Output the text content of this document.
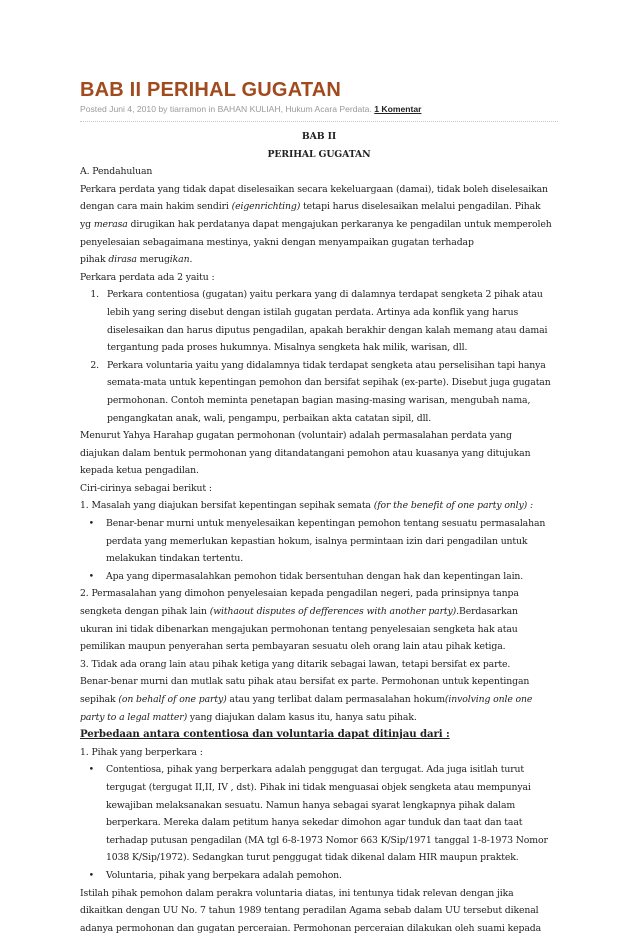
BAB II PERIHAL GUGATAN
Posted Juni 4, 2010 by tiarramon in BAHAN KULIAH, Hukum Acara Perdata. 1 Komentar
BAB II
PERIHAL GUGATAN
A. Pendahuluan
Perkara perdata yang tidak dapat diselesaikan secara kekeluargaan (damai), tidak boleh diselesaikan
dengan cara main hakim sendiri (eigenrichting) tetapi harus diselesaikan melalui pengadilan. Pihak
yg merasa dirugikan hak perdatanya dapat mengajukan perkaranya ke pengadilan untuk memperoleh
penyelesaian sebagaimana mestinya, yakni dengan menyampaikan gugatan terhadap
pihak dirasa merugikan.
Perkara perdata ada 2 yaitu :
1. Perkara contentiosa (gugatan) yaitu perkara yang di dalamnya terdapat sengketa 2 pihak atau
lebih yang sering disebut dengan istilah gugatan perdata. Artinya ada konflik yang harus
diselesaikan dan harus diputus pengadilan, apakah berakhir dengan kalah memang atau damai
tergantung pada proses hukumnya. Misalnya sengketa hak milik, warisan, dll.
2. Perkara voluntaria yaitu yang didalamnya tidak terdapat sengketa atau perselisihan tapi hanya
semata-mata untuk kepentingan pemohon dan bersifat sepihak (ex-parte). Disebut juga gugatan
permohonan. Contoh meminta penetapan bagian masing-masing warisan, mengubah nama,
pengangkatan anak, wali, pengampu, perbaikan akta catatan sipil, dll.
Menurut Yahya Harahap gugatan permohonan (voluntair) adalah permasalahan perdata yang
diajukan dalam bentuk permohonan yang ditandatangani pemohon atau kuasanya yang ditujukan
kepada ketua pengadilan.
Ciri-cirinya sebagai berikut :
1. Masalah yang diajukan bersifat kepentingan sepihak semata (for the benefit of one party only) :
•	Benar-benar murni untuk menyelesaikan kepentingan pemohon tentang sesuatu permasalahan
perdata yang memerlukan kepastian hokum, isalnya permintaan izin dari pengadilan untuk
melakukan tindakan tertentu.
•	Apa yang dipermasalahkan pemohon tidak bersentuhan dengan hak dan kepentingan lain.
2. Permasalahan yang dimohon penyelesaian kepada pengadilan negeri, pada prinsipnya tanpa
sengketa dengan pihak lain (withaout disputes of defferences with another party).Berdasarkan
ukuran ini tidak dibenarkan mengajukan permohonan tentang penyelesaian sengketa hak atau
pemilikan maupun penyerahan serta pembayaran sesuatu oleh orang lain atau pihak ketiga.
3. Tidak ada orang lain atau pihak ketiga yang ditarik sebagai lawan, tetapi bersifat ex parte.
Benar-benar murni dan mutlak satu pihak atau bersifat ex parte. Permohonan untuk kepentingan
sepihak (on behalf of one party) atau yang terlibat dalam permasalahan hokum(involving onle one
party to a legal matter) yang diajukan dalam kasus itu, hanya satu pihak.
Perbedaan antara contentiosa dan voluntaria dapat ditinjau dari :
1. Pihak yang berperkara :
•	Contentiosa, pihak yang berperkara adalah penggugat dan tergugat. Ada juga isitlah turut
tergugat (tergugat II,II, IV , dst). Pihak ini tidak menguasai objek sengketa atau mempunyai
kewajiban melaksanakan sesuatu. Namun hanya sebagai syarat lengkapnya pihak dalam
berperkara. Mereka dalam petitum hanya sekedar dimohon agar tunduk dan taat dan taat
terhadap putusan pengadilan (MA tgl 6-8-1973 Nomor 663 K/Sip/1971 tanggal 1-8-1973 Nomor
1038 K/Sip/1972). Sedangkan turut penggugat tidak dikenal dalam HIR maupun praktek.
•	Voluntaria, pihak yang berpekara adalah pemohon.
Istilah pihak pemohon dalam perakra voluntaria diatas, ini tentunya tidak relevan dengan jika
dikaitkan dengan UU No. 7 tahun 1989 tentang peradilan Agama sebab dalam UU tersebut dikenal
adanya permohonan dan gugatan perceraian. Permohonan perceraian dilakukan oleh suami kepada
